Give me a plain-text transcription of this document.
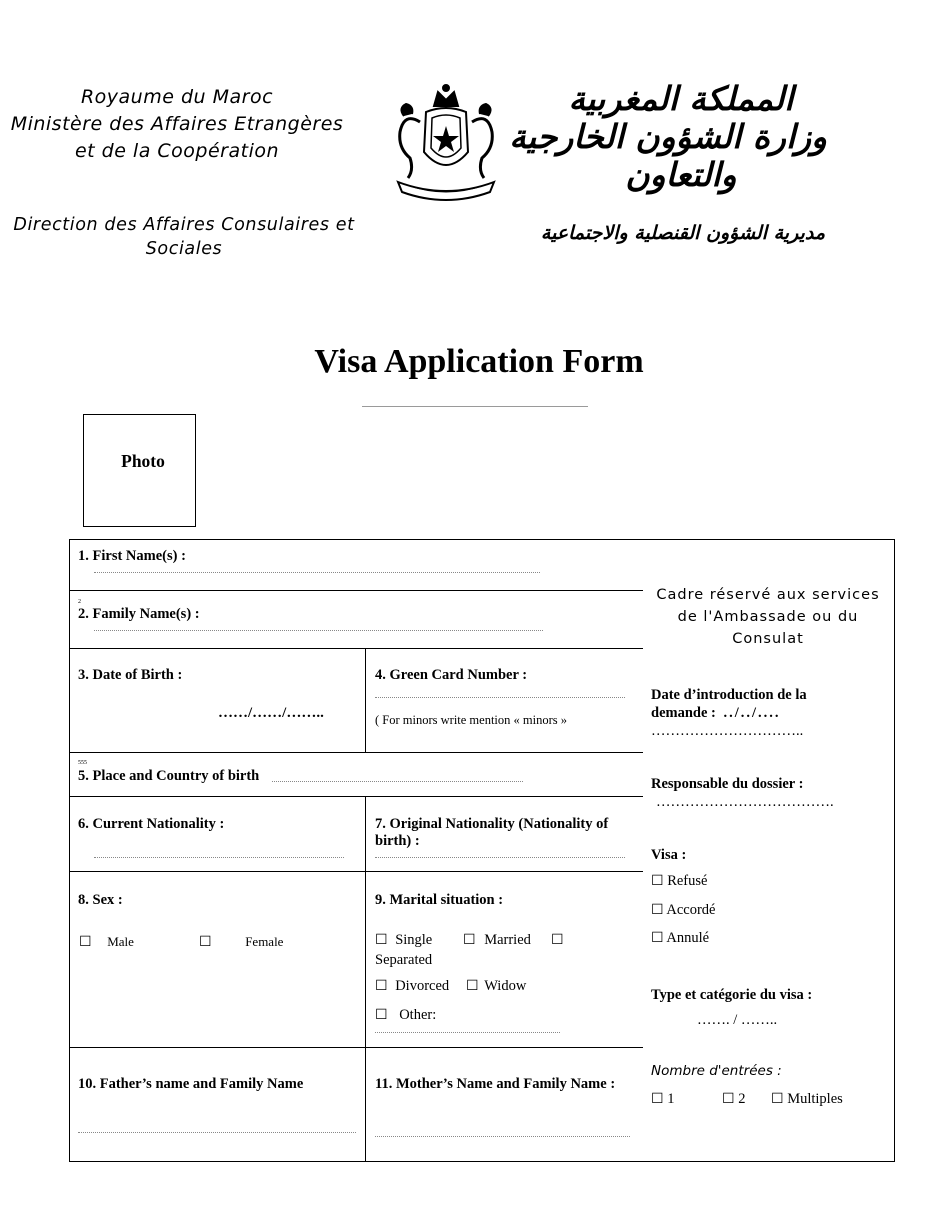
Royaume du Maroc
Ministère des Affaires Etrangères
et de la Coopération
Direction des Affaires Consulaires et
Sociales
المملكة المغربية
وزارة الشؤون الخارجية
والتعاون
مديرية الشؤون القنصلية والاجتماعية
Visa Application Form
Photo
1. First Name(s) :
2
2. Family Name(s) :
3. Date of Birth :
……/……/……..
4. Green Card Number :
( For minors write mention « minors »
555
5. Place and Country of birth
6. Current Nationality :	7. Original Nationality (Nationality of birth) :
8. Sex :
☐ Male	☐	Female
9. Marital situation :
☐ Single ☐ Married ☐
Separated
☐ Divorced ☐ Widow
☐ Other:
10. Father’s name and Family Name	11. Mother’s Name and Family Name :
Cadre réservé aux services de l'Ambassade ou du Consulat
Date d’introduction de la
demande : ../../....
…………………………..
Responsable du dossier :
……………………………….
Visa :
☐ Refusé
☐ Accordé
☐ Annulé
Type et catégorie du visa :
……. / ……..
Nombre d'entrées :
☐ 1	☐ 2 ☐ Multiples
